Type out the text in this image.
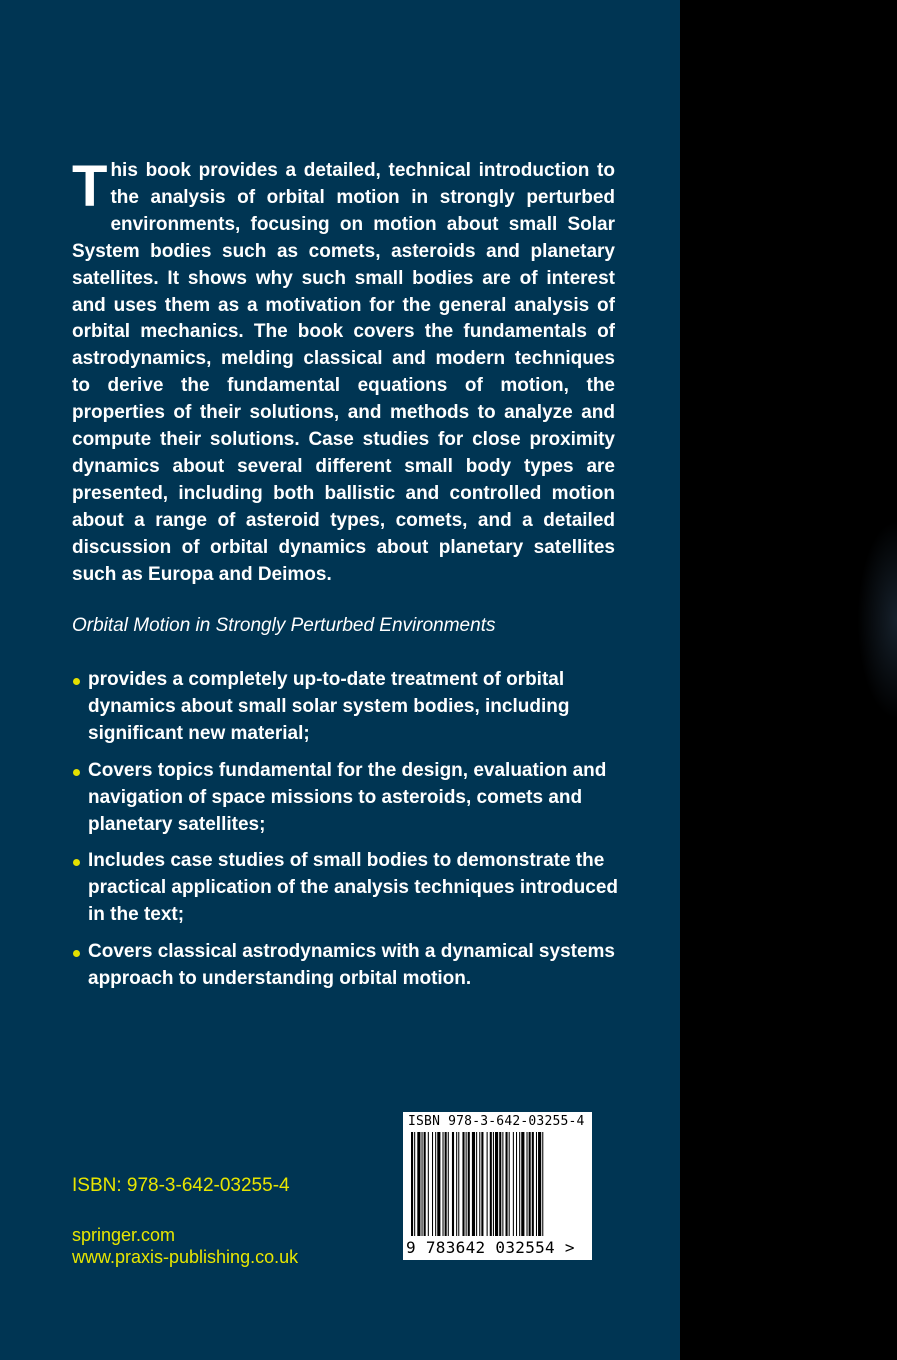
This book provides a detailed, technical introduction to the analysis of orbital motion in strongly perturbed environments, focusing on motion about small Solar System bodies such as comets, asteroids and planetary satellites. It shows why such small bodies are of interest and uses them as a motivation for the general analysis of orbital mechanics. The book covers the fundamentals of astrodynamics, melding classical and modern techniques to derive the fundamental equations of motion, the properties of their solutions, and methods to analyze and compute their solutions. Case studies for close proximity dynamics about several different small body types are presented, including both ballistic and controlled motion about a range of asteroid types, comets, and a detailed discussion of orbital dynamics about planetary satellites such as Europa and Deimos.

Orbital Motion in Strongly Perturbed Environments

provides a completely up-to-date treatment of orbital dynamics about small solar system bodies, including significant new material;
Covers topics fundamental for the design, evaluation and navigation of space missions to asteroids, comets and planetary satellites;
Includes case studies of small bodies to demonstrate the practical application of the analysis techniques introduced in the text;
Covers classical astrodynamics with a dynamical systems approach to understanding orbital motion.

ISBN: 978-3-642-03255-4

springer.com
www.praxis-publishing.co.uk
ISBN 978-3-642-03255-4
9 783642 032554 >
